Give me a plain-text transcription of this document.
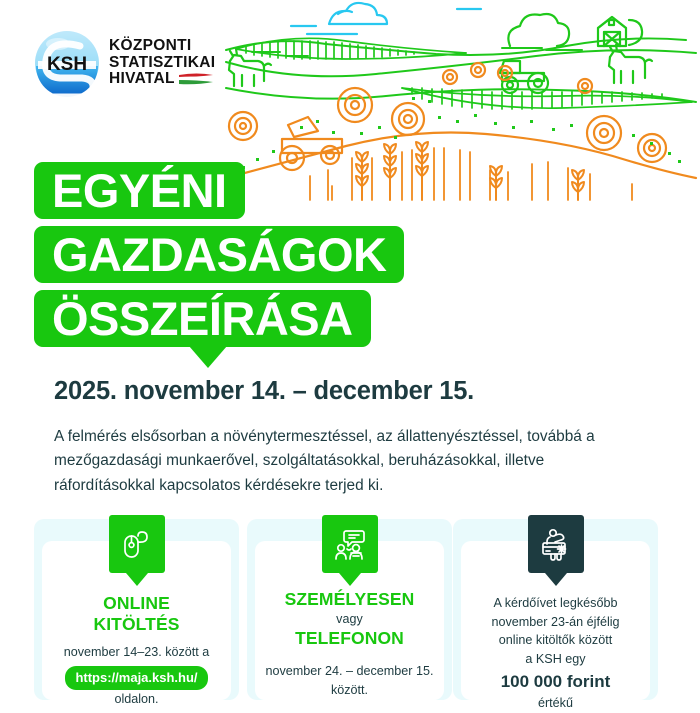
KSH
KÖZPONTI
STATISZTIKAI
HIVATAL
EGYÉNI
GAZDASÁGOK
ÖSSZEÍRÁSA
2025. november 14. – december 15.
A felmérés elsősorban a növénytermesztéssel, az állattenyésztéssel, továbbá a mezőgazdasági munkaerővel, szolgáltatásokkal, beruházásokkal, illetve ráfordításokkal kapcsolatos kérdésekre terjed ki.
ONLINE
KITÖLTÉS
november 14–23. között a
https://maja.ksh.hu/
oldalon.
SZEMÉLYESEN
vagy
TELEFONON
november 24. – december 15.
között.
A kérdőívet legkésőbb
november 23-án éjfélig
online kitöltők között
a KSH egy
100 000 forint
értékű
